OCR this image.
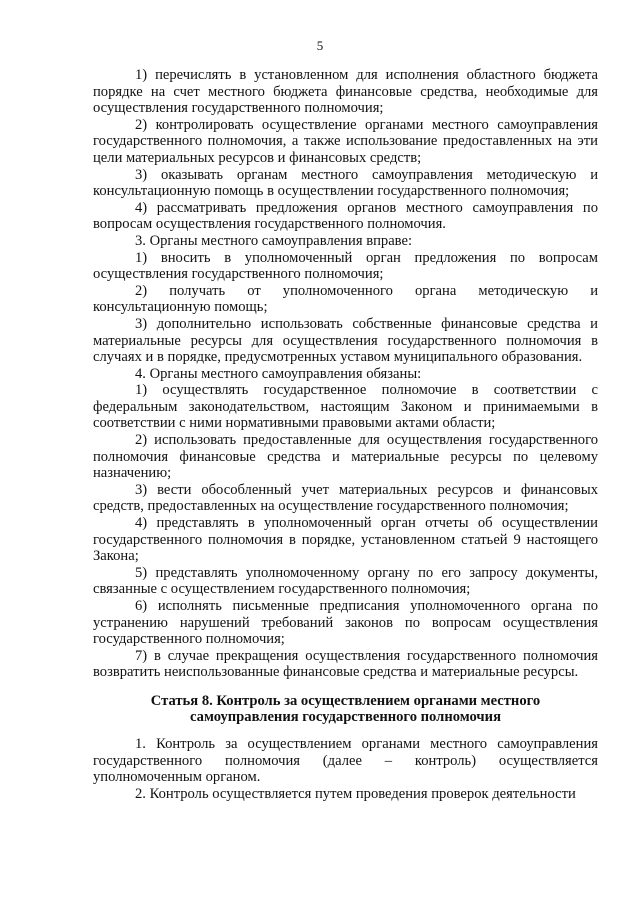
5

1) перечислять в установленном для исполнения областного бюджета порядке на счет местного бюджета финансовые средства, необходимые для осуществления государственного полномочия;

2) контролировать осуществление органами местного самоуправления государственного полномочия, а также использование предоставленных на эти цели материальных ресурсов и финансовых средств;

3) оказывать органам местного самоуправления методическую и консультационную помощь в осуществлении государственного полномочия;

4) рассматривать предложения органов местного самоуправления по вопросам осуществления государственного полномочия.

3. Органы местного самоуправления вправе:

1) вносить в уполномоченный орган предложения по вопросам осуществления государственного полномочия;

2) получать от уполномоченного органа методическую и консультационную помощь;

3) дополнительно использовать собственные финансовые средства и материальные ресурсы для осуществления государственного полномочия в случаях и в порядке, предусмотренных уставом муниципального образования.

4. Органы местного самоуправления обязаны:

1) осуществлять государственное полномочие в соответствии с федеральным законодательством, настоящим Законом и принимаемыми в соответствии с ними нормативными правовыми актами области;

2) использовать предоставленные для осуществления государственного полномочия финансовые средства и материальные ресурсы по целевому назначению;

3) вести обособленный учет материальных ресурсов и финансовых средств, предоставленных на осуществление государственного полномочия;

4) представлять в уполномоченный орган отчеты об осуществлении государственного полномочия в порядке, установленном статьей 9 настоящего Закона;

5) представлять уполномоченному органу по его запросу документы, связанные с осуществлением государственного полномочия;

6) исполнять письменные предписания уполномоченного органа по устранению нарушений требований законов по вопросам осуществления государственного полномочия;

7) в случае прекращения осуществления государственного полномочия возвратить неиспользованные финансовые средства и материальные ресурсы.

Статья 8. Контроль за осуществлением органами местного
самоуправления государственного полномочия

1. Контроль за осуществлением органами местного самоуправления государственного полномочия (далее – контроль) осуществляется уполномоченным органом.

2. Контроль осуществляется путем проведения проверок деятельности
